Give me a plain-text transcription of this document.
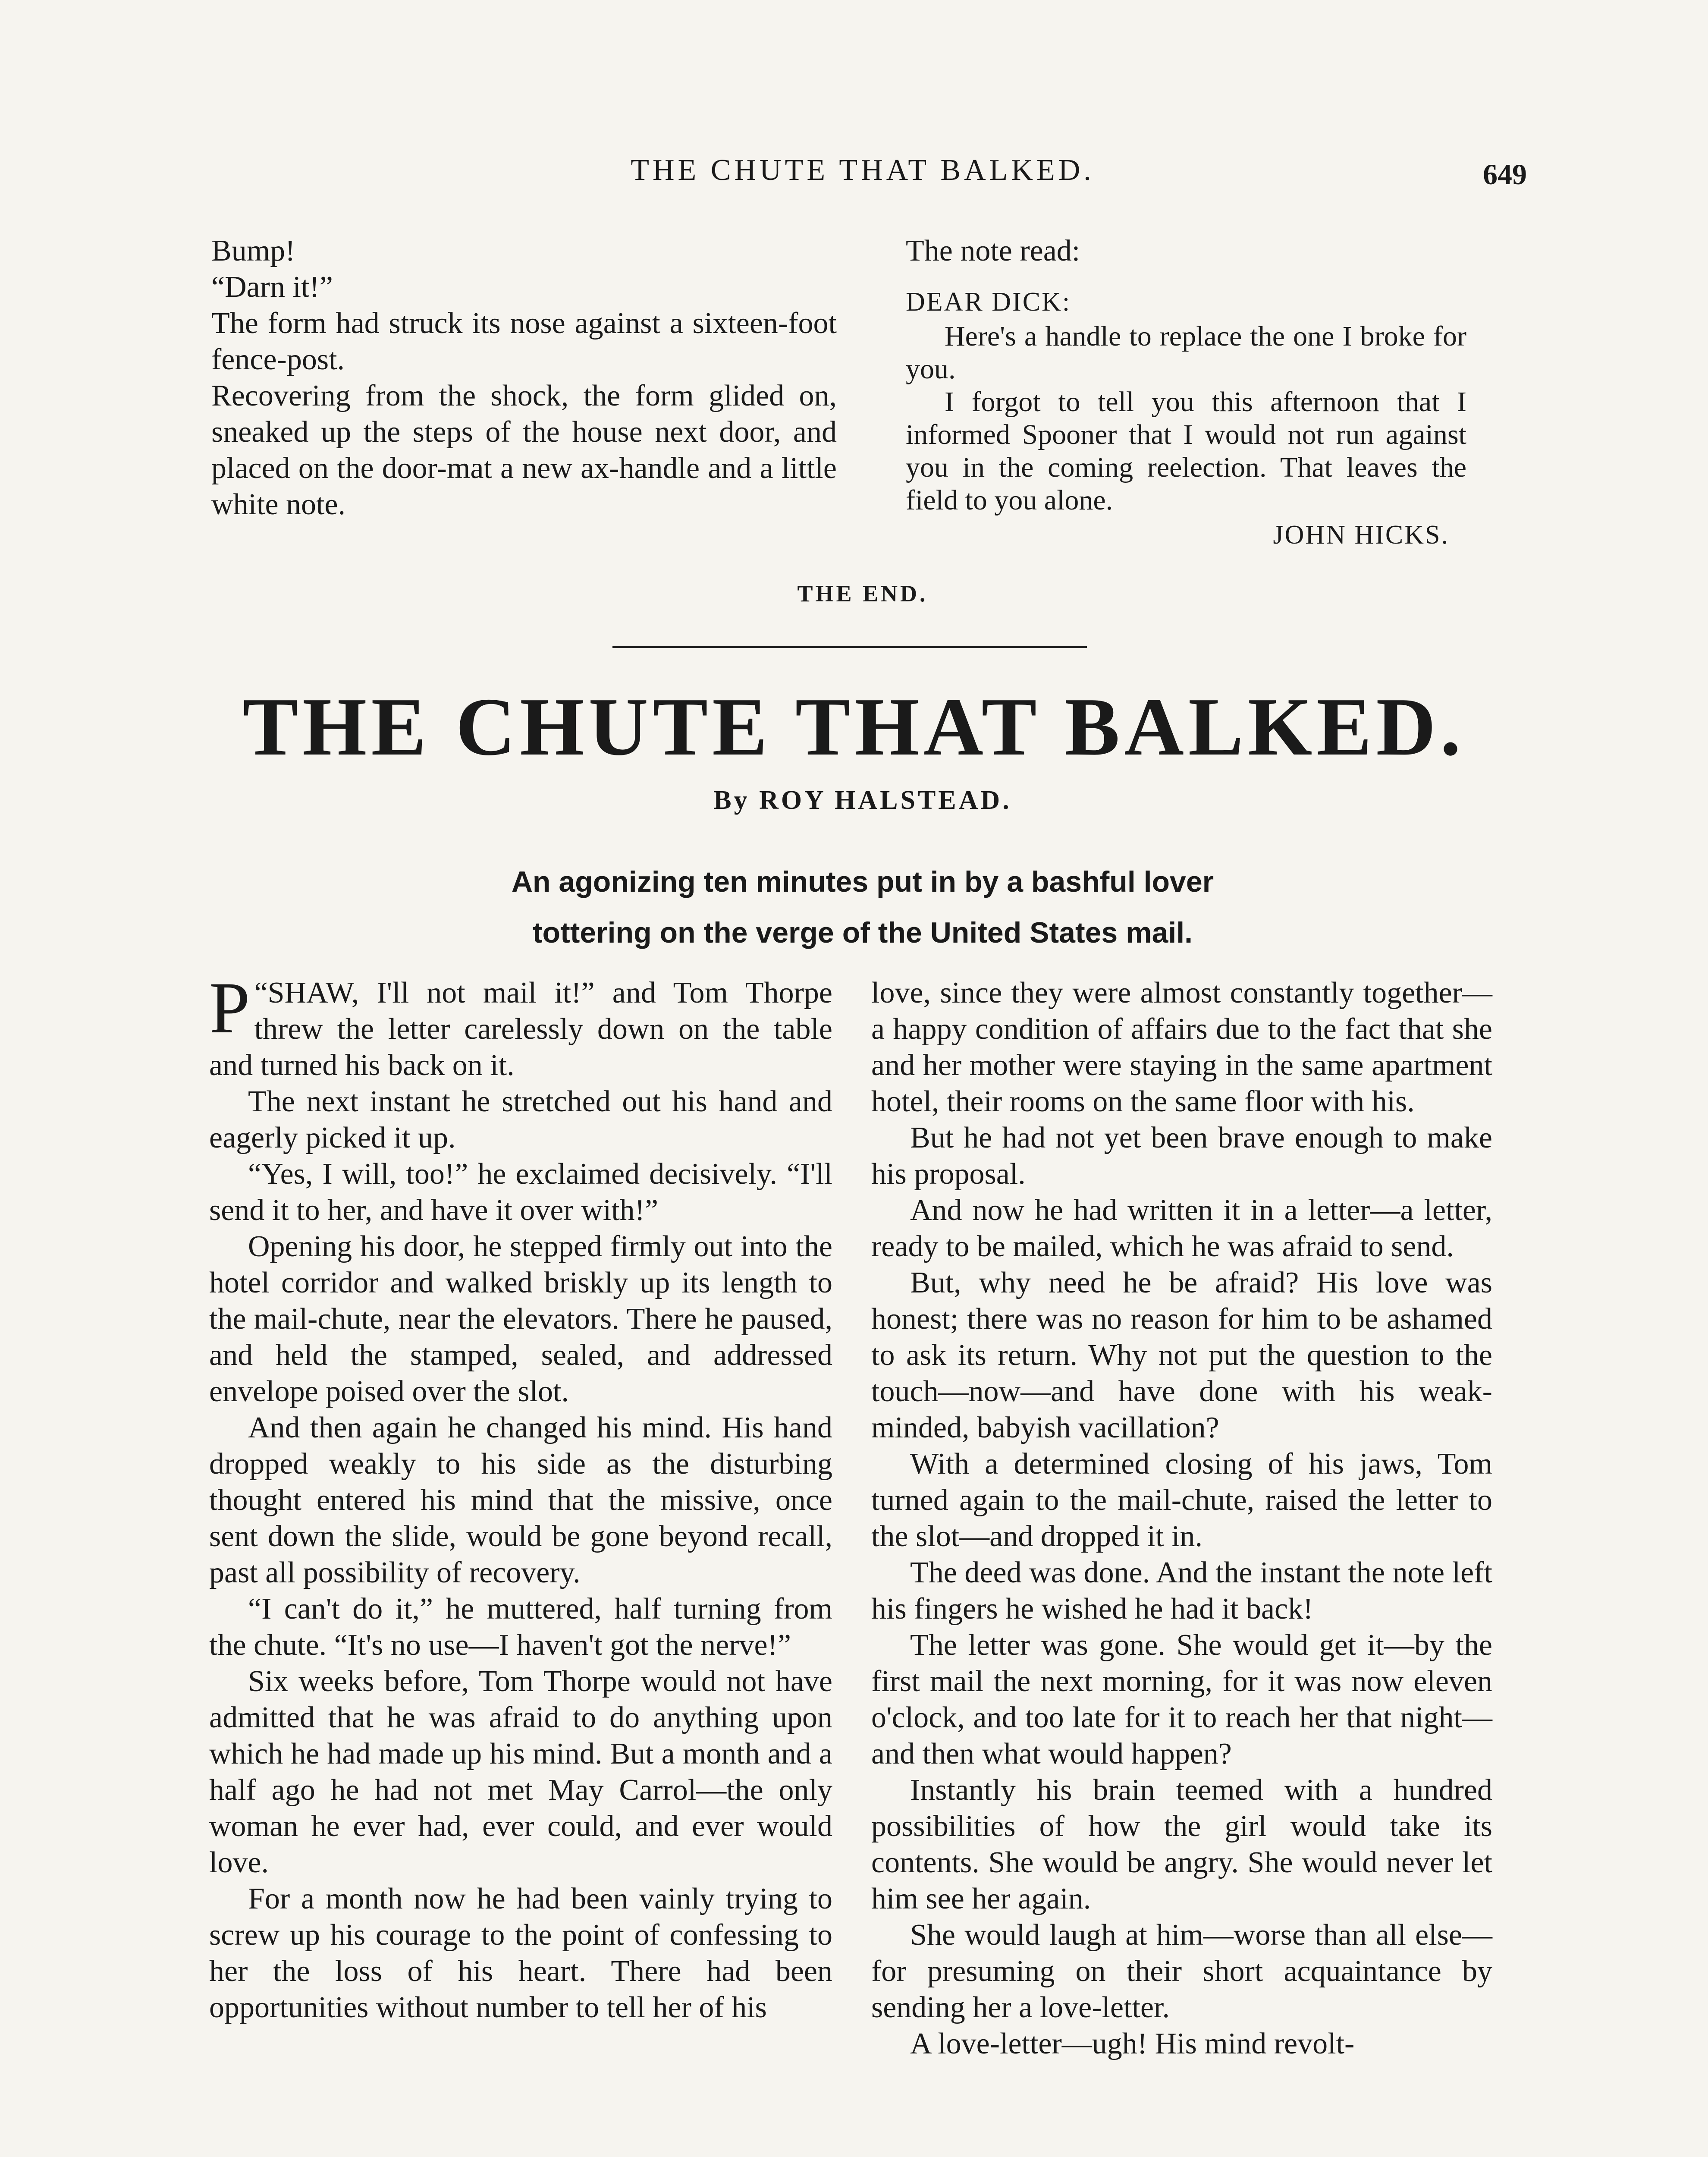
THE CHUTE THAT BALKED.	649

Bump!

“Darn it!”

The form had struck its nose against a sixteen-foot fence-post.

Recovering from the shock, the form glided on, sneaked up the steps of the house next door, and placed on the door-mat a new ax-handle and a little white note.

The note read:

DEAR DICK:

Here's a handle to replace the one I broke for you.

I forgot to tell you this afternoon that I informed Spooner that I would not run against you in the coming reelection. That leaves the field to you alone.

JOHN HICKS.

THE END.
THE CHUTE THAT BALKED.
By ROY HALSTEAD.
An agonizing ten minutes put in by a bashful lover
tottering on the verge of the United States mail.

“
P SHAW, I'll not mail it!” and Tom Thorpe threw the letter carelessly down on the table and turned his back on it.

The next instant he stretched out his hand and eagerly picked it up.

“Yes, I will, too!” he exclaimed decisively. “I'll send it to her, and have it over with!”

Opening his door, he stepped firmly out into the hotel corridor and walked briskly up its length to the mail-chute, near the elevators. There he paused, and held the stamped, sealed, and addressed envelope poised over the slot.

And then again he changed his mind. His hand dropped weakly to his side as the disturbing thought entered his mind that the missive, once sent down the slide, would be gone beyond recall, past all possibility of recovery.

“I can't do it,” he muttered, half turning from the chute. “It's no use—I haven't got the nerve!”

Six weeks before, Tom Thorpe would not have admitted that he was afraid to do anything upon which he had made up his mind. But a month and a half ago he had not met May Carrol—the only woman he ever had, ever could, and ever would love.

For a month now he had been vainly trying to screw up his courage to the point of confessing to her the loss of his heart. There had been opportunities without number to tell her of his

love, since they were almost constantly together—a happy condition of affairs due to the fact that she and her mother were staying in the same apartment hotel, their rooms on the same floor with his.

But he had not yet been brave enough to make his proposal.

And now he had written it in a letter—a letter, ready to be mailed, which he was afraid to send.

But, why need he be afraid? His love was honest; there was no reason for him to be ashamed to ask its return. Why not put the question to the touch—now—and have done with his weak-minded, babyish vacillation?

With a determined closing of his jaws, Tom turned again to the mail-chute, raised the letter to the slot—and dropped it in.

The deed was done. And the instant the note left his fingers he wished he had it back!

The letter was gone. She would get it—by the first mail the next morning, for it was now eleven o'clock, and too late for it to reach her that night—and then what would happen?

Instantly his brain teemed with a hundred possibilities of how the girl would take its contents. She would be angry. She would never let him see her again.

She would laugh at him—worse than all else—for presuming on their short acquaintance by sending her a love-letter.

A love-letter—ugh! His mind revolt-
